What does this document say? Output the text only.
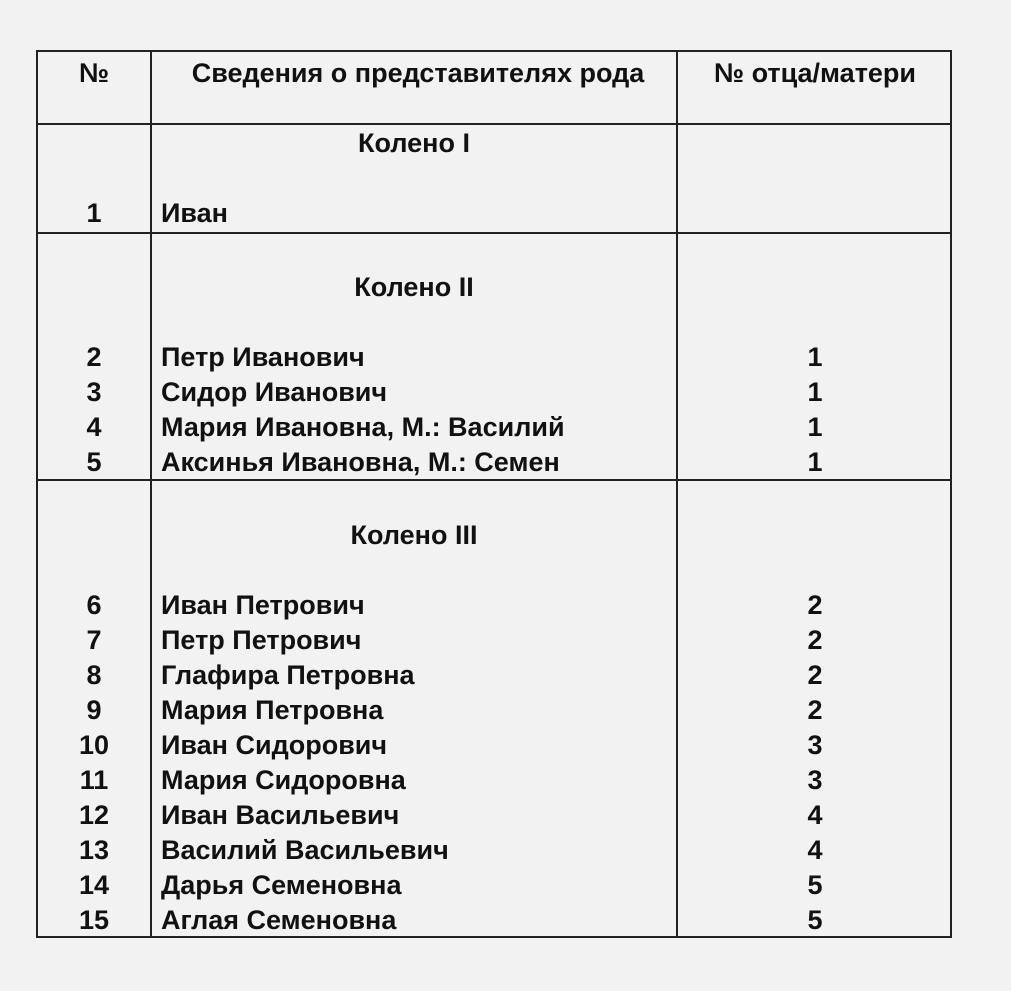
№	Сведения о представителях рода	№ отца/матери
Колено I
1	Иван
Колено II
2	Петр Иванович	1
3	Сидор Иванович	1
4	Мария Ивановна, М.: Василий	1
5	Аксинья Ивановна, М.: Семен	1
Колено III
6	Иван Петрович	2
7	Петр Петрович	2
8	Глафира Петровна	2
9	Мария Петровна	2
10	Иван Сидорович	3
11	Мария Сидоровна	3
12	Иван Васильевич	4
13	Василий Васильевич	4
14	Дарья Семеновна	5
15	Аглая Семеновна	5
